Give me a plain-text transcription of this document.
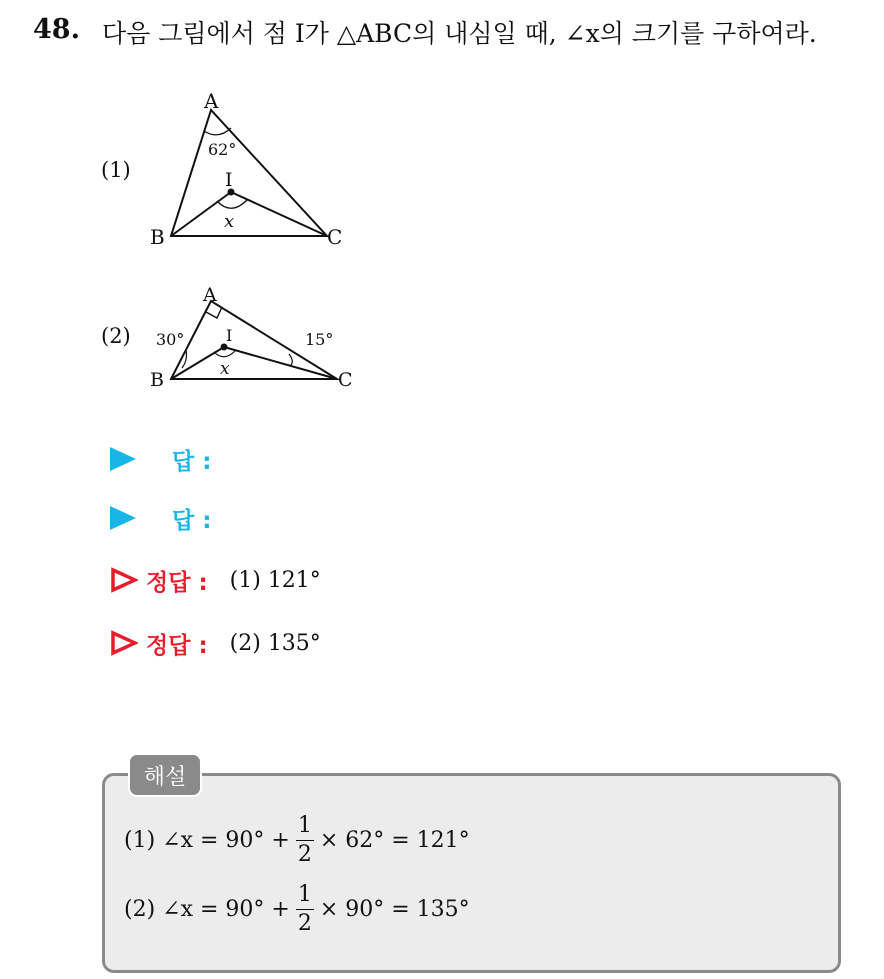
48. 다음 그림에서 점 I가 △ABC의 내심일 때, ∠x의 크기를 구하여라.
(1)
A
B	C
I
62°
x
(2)
A
B	C
I
30°	15°
x
답 :
답 :
정답 : (1) 121°
정답 : (2) 135°
해설
(1) ∠x = $90^\circ + \frac{1}{2} \times 62^\circ = 121^\circ$
(2) ∠x = $90^\circ + \frac{1}{2} \times 90^\circ = 135^\circ$
